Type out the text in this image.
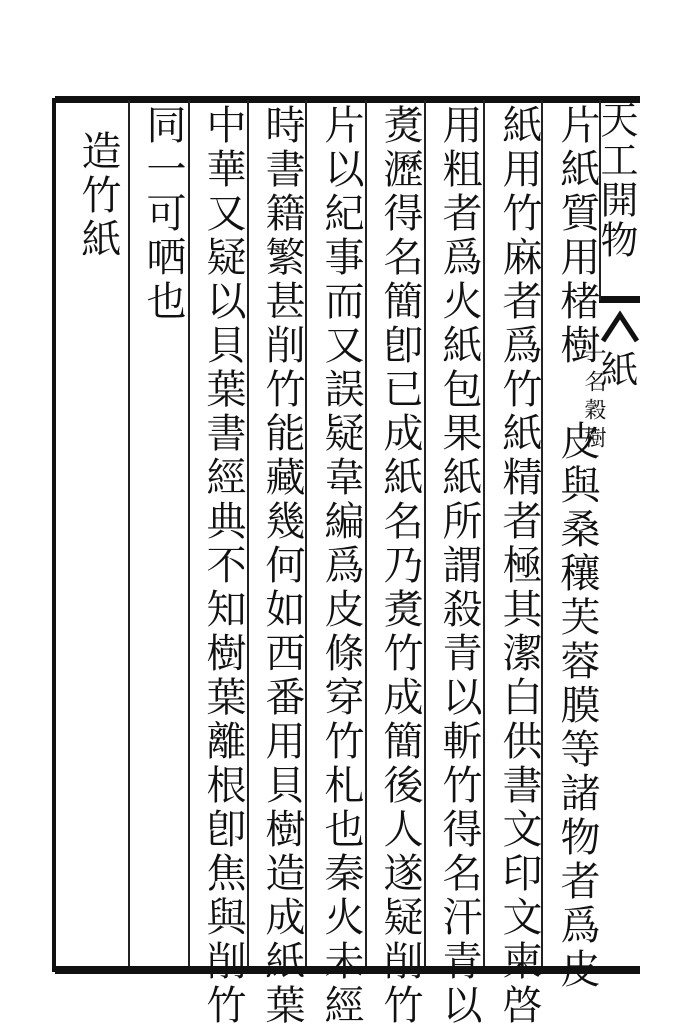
天工開物
紙
片紙質用楮樹
一名穀樹
皮與桑穰芙蓉膜等諸物者爲皮
紙用竹麻者爲竹紙精者極其潔白供書文印文柬啓
用粗者爲火紙包果紙所謂殺青以斬竹得名汗青以
煑瀝得名簡卽已成紙名乃煑竹成簡後人遂疑削竹
片以紀事而又誤疑韋編爲皮條穿竹札也秦火未經
時書籍繁甚削竹能藏幾何如西番用貝樹造成紙葉
中華又疑以貝葉書經典不知樹葉離根卽焦與削竹
同一可哂也
造竹紙
